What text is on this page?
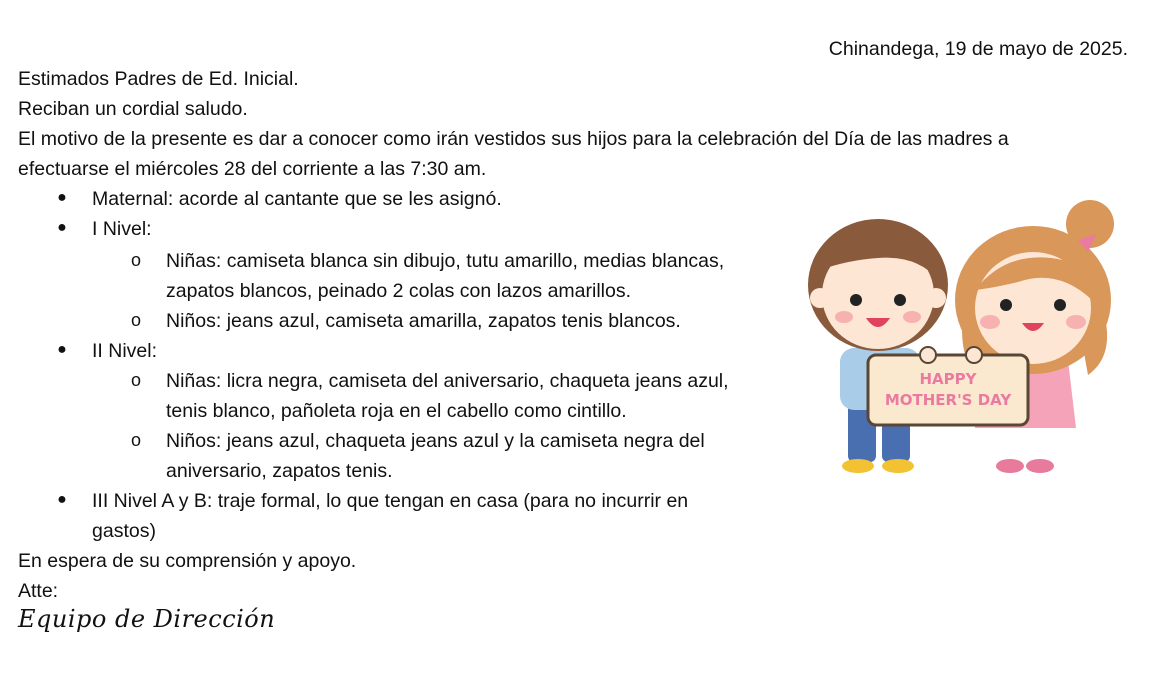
Chinandega, 19 de mayo de 2025.
Estimados Padres de Ed. Inicial.
Reciban un cordial saludo.
El motivo de la presente es dar a conocer como irán vestidos sus hijos para la celebración del Día de las madres a
efectuarse el miércoles 28 del corriente a las 7:30 am.
● Maternal: acorde al cantante que se les asignó.
● I Nivel:
o Niñas: camiseta blanca sin dibujo, tutu amarillo, medias blancas,
zapatos blancos, peinado 2 colas con lazos amarillos.
o Niños: jeans azul, camiseta amarilla, zapatos tenis blancos.
● II Nivel:
o Niñas: licra negra, camiseta del aniversario, chaqueta jeans azul,
tenis blanco, pañoleta roja en el cabello como cintillo.
o Niños: jeans azul, chaqueta jeans azul y la camiseta negra del
aniversario, zapatos tenis.
● III Nivel A y B: traje formal, lo que tengan en casa (para no incurrir en
gastos)
En espera de su comprensión y apoyo.
Atte:
Equipo de Dirección
HAPPY
MOTHER'S DAY
